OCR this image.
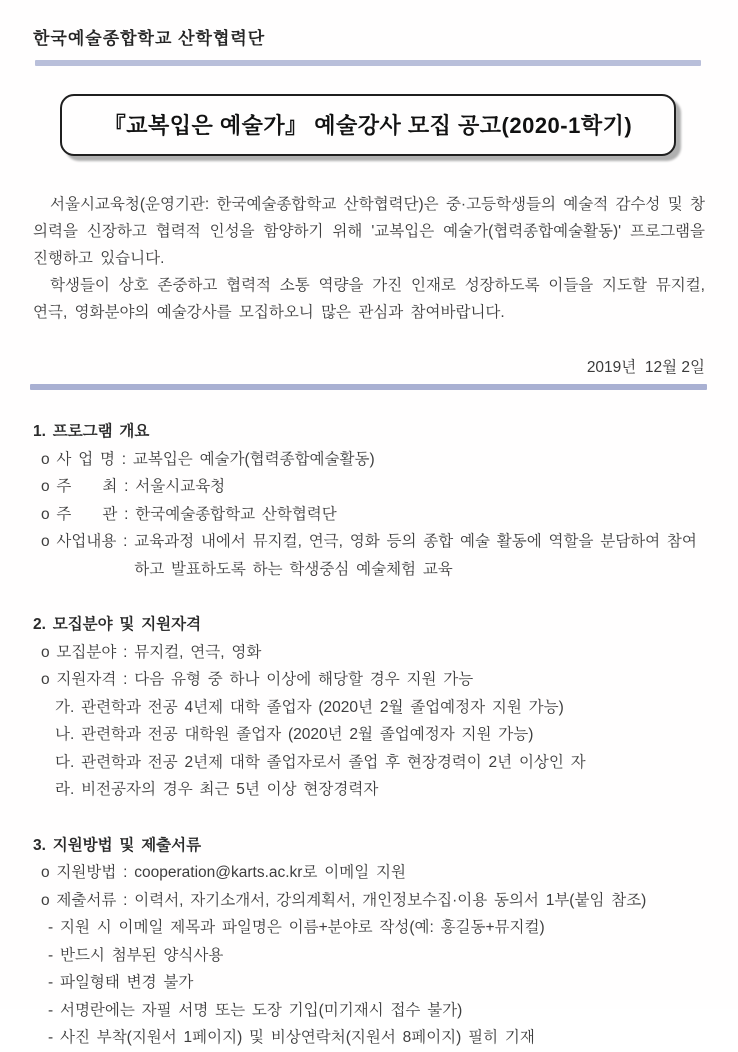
한국예술종합학교 산학협력단
『교복입은 예술가』 예술강사 모집 공고(2020-1학기)

서울시교육청(운영기관: 한국예술종합학교 산학협력단)은 중·고등학생들의 예술적 감수성 및 창의력을 신장하고 협력적 인성을 함양하기 위해 '교복입은 예술가(협력종합예술활동)' 프로그램을 진행하고 있습니다.

학생들이 상호 존중하고 협력적 소통 역량을 가진 인재로 성장하도록 이들을 지도할 뮤지컬, 연극, 영화분야의 예술강사를 모집하오니 많은 관심과 참여바랍니다.

2019년  12월 2일
1. 프로그램 개요
o 사 업 명 : 교복입은 예술가(협력종합예술활동)
o 주　　최 : 서울시교육청
o 주　　관 : 한국예술종합학교 산학협력단
o 사업내용 : 교육과정 내에서 뮤지컬, 연극, 영화 등의 종합 예술 활동에 역할을 분담하여 참여하고 발표하도록 하는 학생중심 예술체험 교육
2. 모집분야 및 지원자격
o 모집분야 : 뮤지컬, 연극, 영화
o 지원자격 : 다음 유형 중 하나 이상에 해당할 경우 지원 가능
가. 관련학과 전공 4년제 대학 졸업자 (2020년 2월 졸업예정자 지원 가능)
나. 관련학과 전공 대학원 졸업자 (2020년 2월 졸업예정자 지원 가능)
다. 관련학과 전공 2년제 대학 졸업자로서 졸업 후 현장경력이 2년 이상인 자
라. 비전공자의 경우 최근 5년 이상 현장경력자
3. 지원방법 및 제출서류
o 지원방법 : cooperation@karts.ac.kr로 이메일 지원
o 제출서류 : 이력서, 자기소개서, 강의계획서, 개인정보수집·이용 동의서 1부(붙임 참조)
- 지원 시 이메일 제목과 파일명은 이름+분야로 작성(예: 홍길동+뮤지컬)
- 반드시 첨부된 양식사용
- 파일형태 변경 불가
- 서명란에는 자필 서명 또는 도장 기입(미기재시 접수 불가)
- 사진 부착(지원서 1페이지) 및 비상연락처(지원서 8페이지) 필히 기재
